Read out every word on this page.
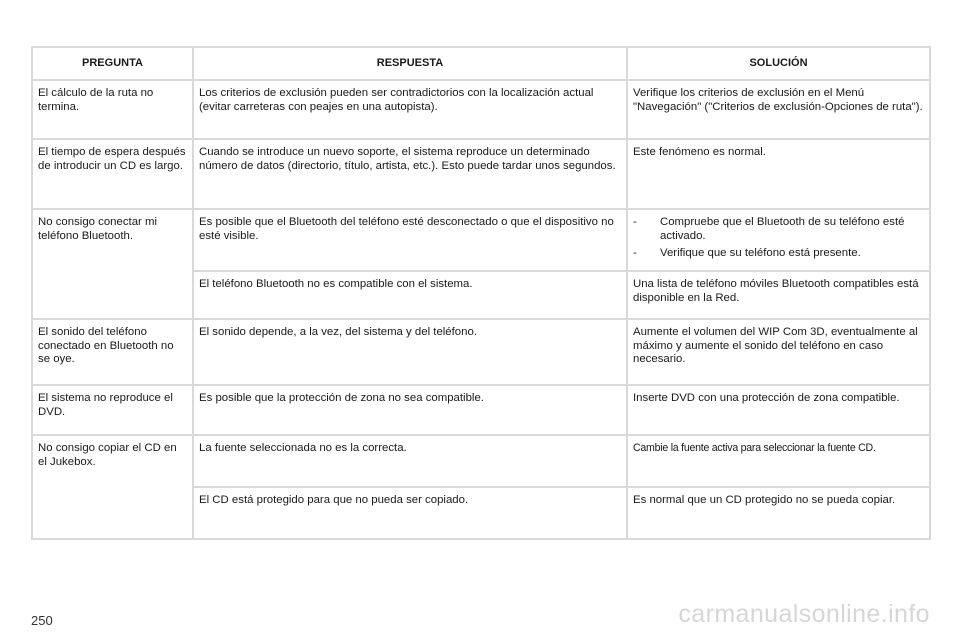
PREGUNTA	RESPUESTA	SOLUCIÓN
El cálculo de la ruta no termina.	Los criterios de exclusión pueden ser contradictorios con la localización actual (evitar carreteras con peajes en una autopista).	Verifique los criterios de exclusión en el Menú "Navegación" ("Criterios de exclusión-Opciones de ruta").
El tiempo de espera después de introducir un CD es largo.	Cuando se introduce un nuevo soporte, el sistema reproduce un determinado número de datos (directorio, título, artista, etc.). Esto puede tardar unos segundos.	Este fenómeno es normal.
No consigo conectar mi teléfono Bluetooth.	Es posible que el Bluetooth del teléfono esté desconectado o que el dispositivo no esté visible.	- Compruebe que el Bluetooth de su teléfono esté activado.
- Verifique que su teléfono está presente.

	El teléfono Bluetooth no es compatible con el sistema.	Una lista de teléfono móviles Bluetooth compatibles está disponible en la Red.
El sonido del teléfono conectado en Bluetooth no se oye.	El sonido depende, a la vez, del sistema y del teléfono.	Aumente el volumen del WIP Com 3D, eventualmente al máximo y aumente el sonido del teléfono en caso necesario.
El sistema no reproduce el DVD.	Es posible que la protección de zona no sea compatible.	Inserte DVD con una protección de zona compatible.
No consigo copiar el CD en el Jukebox.	La fuente seleccionada no es la correcta.	Cambie la fuente activa para seleccionar la fuente CD.
	El CD está protegido para que no pueda ser copiado.	Es normal que un CD protegido no se pueda copiar.
250	carmanualsonline.info
